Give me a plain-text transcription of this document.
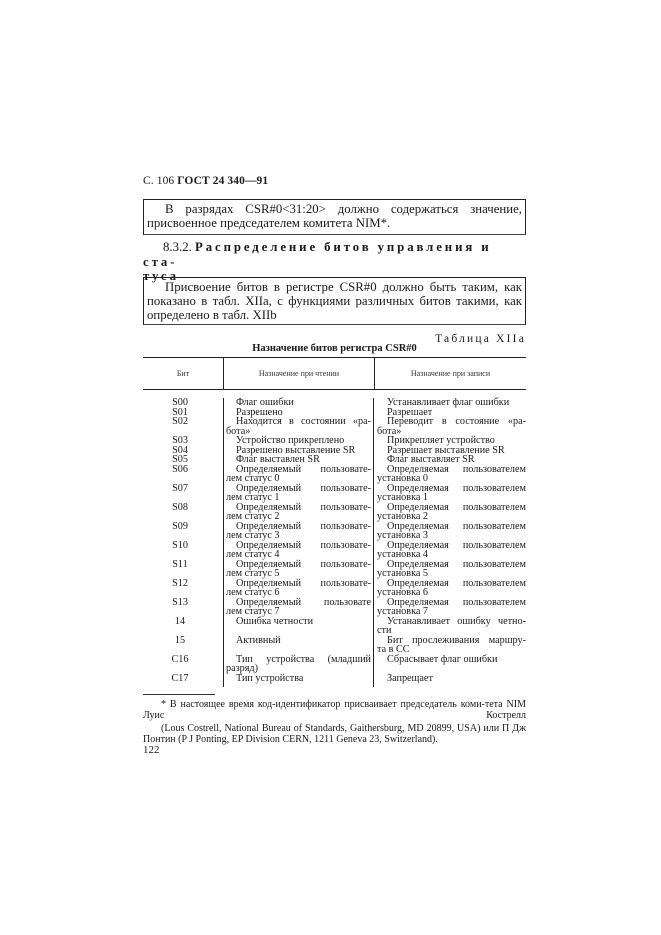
С. 106 ГОСТ 24 340—91

В разрядах CSR#0<31:20> должно содержаться значение, присвоенное председателем комитета NIM*.

8.3.2. Распределение битов управления и ста-
туса

Присвоение битов в регистре CSR#0 должно быть таким, как показано в табл. XIIa, с функциями различных битов такими, как определено в табл. XIIb

Таблица XIIa
Назначение битов регистра CSR#0
Бит	Назначение при чтении	Назначение при записи
S00
S01
S02
S03
S04
S05
S06
S07
S08
S09
S10
S11
S12
S13
14
15
C16
C17
Флаг ошибки
Разрешено
Находится в состоянии «ра-
бота»
Устройство прикреплено
Разрешено выставление SR
Флаг выставлен SR
Определяемый пользовате-
лем статус 0
Определяемый пользовате-
лем статус 1
Определяемый пользовате-
лем статус 2
Определяемый пользовате-
лем статус 3
Определяемый пользовате-
лем статус 4
Определяемый пользовате-
лем статус 5
Определяемый пользовате-
лем статус 6
Определяемый пользовате
лем статус 7
Ошибка четности
Активный
Тип устройства (младший
разряд)
Тип устройства
Устанавливает флаг ошибки
Разрешает
Переводит в состояние «ра-
бота»
Прикрепляет устройство
Разрешает выставление SR
Флаг выставляет SR
Определяемая пользователем
установка 0
Определяемая пользователем
установка 1
Определяемая пользователем
установка 2
Определяемая пользователем
установка 3
Определяемая пользователем
установка 4
Определяемая пользователем
установка 5
Определяемая пользователем
установка 6
Определяемая пользователем
установка 7
Устанавливает ошибку четно-
сти
Бит прослеживания маршру-
та в СС
Сбрасывает флаг ошибки
Запрещает

* В настоящее время код-идентификатор присваивает председатель коми-тета NIM Луис Кострелл

(Lous Costrell, National Bureau of Standards, Gaithersburg, MD 20899, USA) или П Дж Понтин (P J Ponting, EP Division CERN, 1211 Geneva 23, Switzerland).

122
